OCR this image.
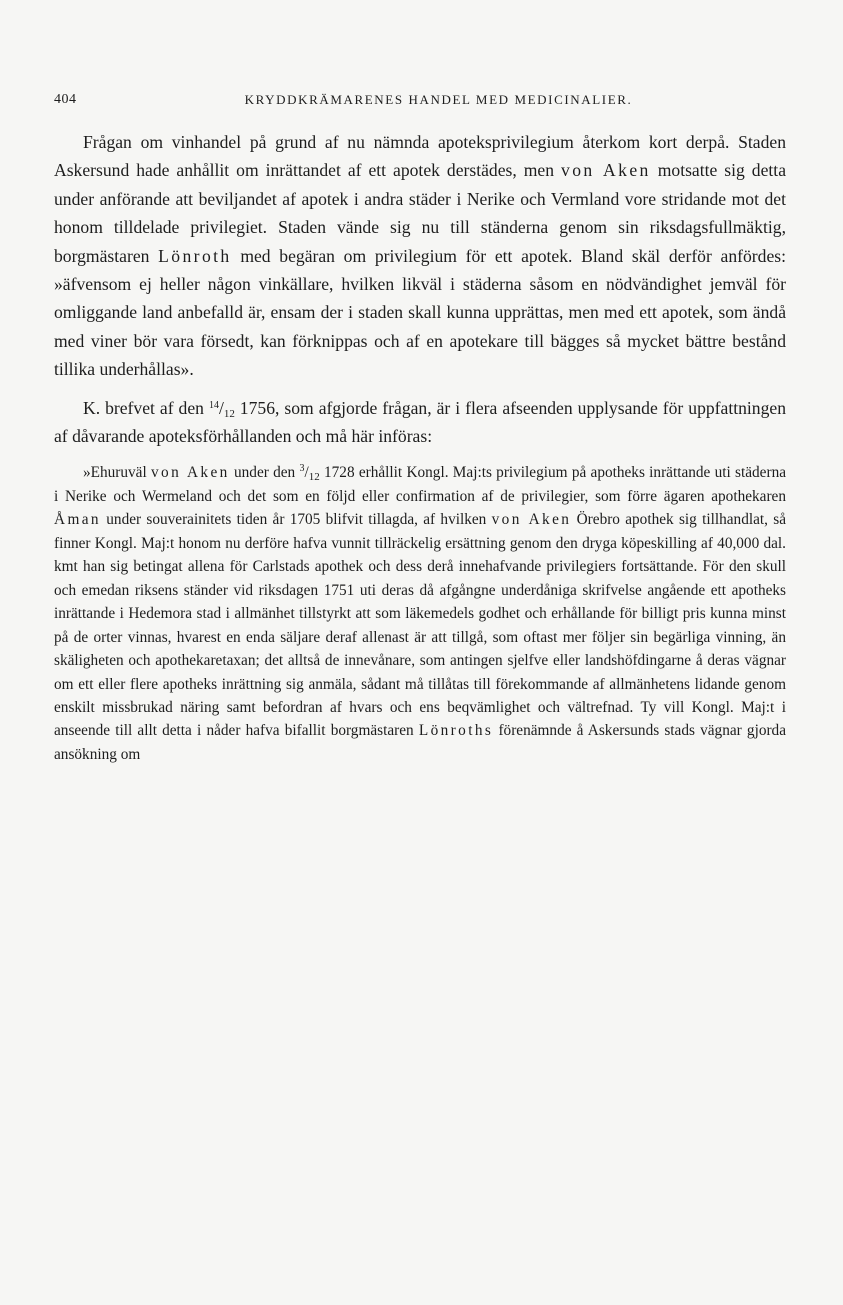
404	KRYDDKRÄMARENES HANDEL MED MEDICINALIER.

Frågan om vinhandel på grund af nu nämnda apoteksprivilegium återkom kort derpå. Staden Askersund hade anhållit om inrättandet af ett apotek derstädes, men von Aken motsatte sig detta under anförande att beviljandet af apotek i andra städer i Nerike och Vermland vore stridande mot det honom tilldelade privilegiet. Staden vände sig nu till ständerna genom sin riksdagsfullmäktig, borgmästaren Lönroth med begäran om privilegium för ett apotek. Bland skäl derför anfördes: »äfvensom ej heller någon vinkällare, hvilken likväl i städerna såsom en nödvändighet jemväl för omliggande land anbefalld är, ensam der i staden skall kunna upprättas, men med ett apotek, som ändå med viner bör vara försedt, kan förknippas och af en apotekare till bägges så mycket bättre bestånd tillika underhållas».

K. brefvet af den $^{14}/_{12}$ 1756, som afgjorde frågan, är i flera afseenden upplysande för uppfattningen af dåvarande apoteksförhållanden och må här införas:

»Ehuruväl von Aken under den $^3/_{12}$ 1728 erhållit Kongl. Maj:ts privilegium på apotheks inrättande uti städerna i Nerike och Wermeland och det som en följd eller confirmation af de privilegier, som förre ägaren apothekaren Åman under souverainitets tiden år 1705 blifvit tillagda, af hvilken von Aken Örebro apothek sig tillhandlat, så finner Kongl. Maj:t honom nu derföre hafva vunnit tillräckelig ersättning genom den dryga köpeskilling af 40,000 dal. kmt han sig betingat allena för Carlstads apothek och dess derå innehafvande privilegiers fortsättande. För den skull och emedan riksens ständer vid riksdagen 1751 uti deras då afgångne underdåniga skrifvelse angående ett apotheks inrättande i Hedemora stad i allmänhet tillstyrkt att som läkemedels godhet och erhållande för billigt pris kunna minst på de orter vinnas, hvarest en enda säljare deraf allenast är att tillgå, som oftast mer följer sin begärliga vinning, än skäligheten och apothekaretaxan; det alltså de innevånare, som antingen sjelfve eller landshöfdingarne å deras vägnar om ett eller flere apotheks inrättning sig anmäla, sådant må tillåtas till förekommande af allmänhetens lidande genom enskilt missbrukad näring samt befordran af hvars och ens beqvämlighet och vältrefnad. Ty vill Kongl. Maj:t i anseende till allt detta i nåder hafva bifallit borgmästaren Lönroths förenämnde å Askersunds stads vägnar gjorda ansökning om
